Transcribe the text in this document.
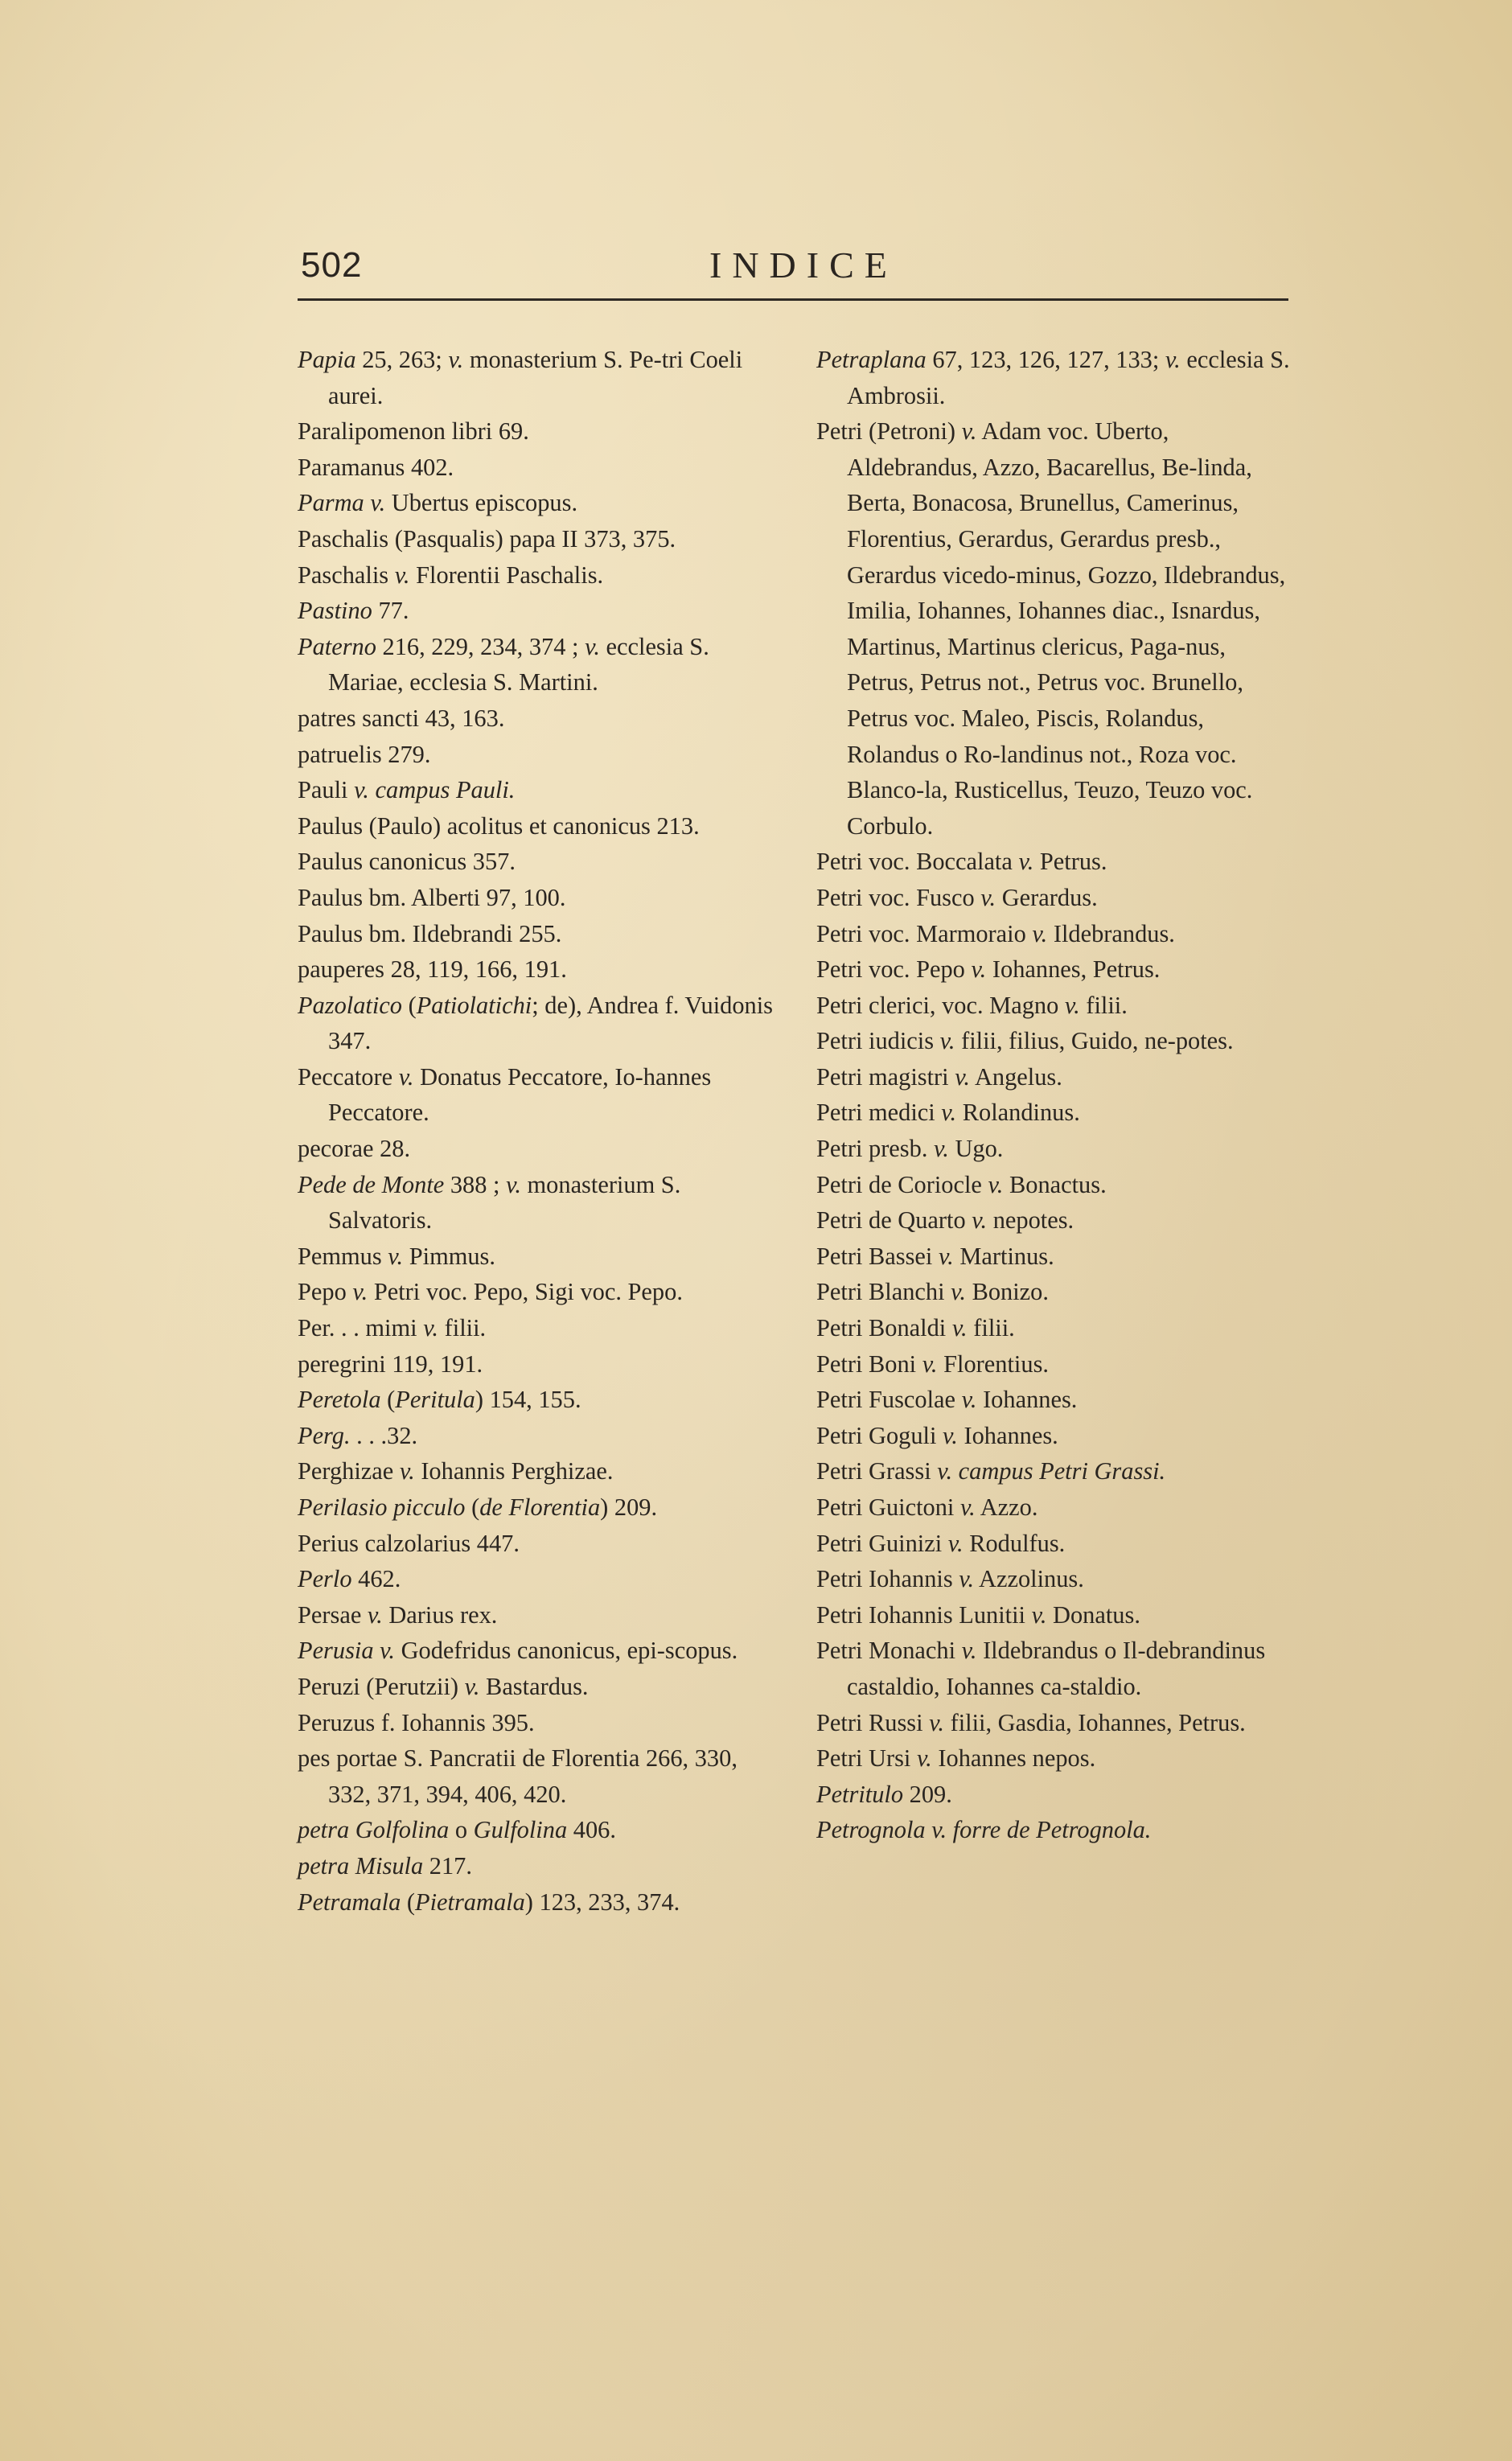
502	INDICE

Papia 25, 263; v. monasterium S. Pe-tri Coeli aurei.

Paralipomenon libri 69.

Paramanus 402.

Parma v. Ubertus episcopus.

Paschalis (Pasqualis) papa II 373, 375.

Paschalis v. Florentii Paschalis.

Pastino 77.

Paterno 216, 229, 234, 374 ; v. ecclesia S. Mariae, ecclesia S. Martini.

patres sancti 43, 163.

patruelis 279.

Pauli v. campus Pauli.

Paulus (Paulo) acolitus et canonicus 213.

Paulus canonicus 357.

Paulus bm. Alberti 97, 100.

Paulus bm. Ildebrandi 255.

pauperes 28, 119, 166, 191.

Pazolatico (Patiolatichi; de), Andrea f. Vuidonis 347.

Peccatore v. Donatus Peccatore, Io-hannes Peccatore.

pecorae 28.

Pede de Monte 388 ; v. monasterium S. Salvatoris.

Pemmus v. Pimmus.

Pepo v. Petri voc. Pepo, Sigi voc. Pepo.

Per. . . mimi v. filii.

peregrini 119, 191.

Peretola (Peritula) 154, 155.

Perg. . . .32.

Perghizae v. Iohannis Perghizae.

Perilasio picculo (de Florentia) 209.

Perius calzolarius 447.

Perlo 462.

Persae v. Darius rex.

Perusia v. Godefridus canonicus, epi-scopus.

Peruzi (Perutzii) v. Bastardus.

Peruzus f. Iohannis 395.

pes portae S. Pancratii de Florentia 266, 330, 332, 371, 394, 406, 420.

petra Golfolina o Gulfolina 406.

petra Misula 217.

Petramala (Pietramala) 123, 233, 374.

Petraplana 67, 123, 126, 127, 133; v. ecclesia S. Ambrosii.

Petri (Petroni) v. Adam voc. Uberto, Aldebrandus, Azzo, Bacarellus, Be-linda, Berta, Bonacosa, Brunellus, Camerinus, Florentius, Gerardus, Gerardus presb., Gerardus vicedo-minus, Gozzo, Ildebrandus, Imilia, Iohannes, Iohannes diac., Isnardus, Martinus, Martinus clericus, Paga-nus, Petrus, Petrus not., Petrus voc. Brunello, Petrus voc. Maleo, Piscis, Rolandus, Rolandus o Ro-landinus not., Roza voc. Blanco-la, Rusticellus, Teuzo, Teuzo voc. Corbulo.

Petri voc. Boccalata v. Petrus.

Petri voc. Fusco v. Gerardus.

Petri voc. Marmoraio v. Ildebrandus.

Petri voc. Pepo v. Iohannes, Petrus.

Petri clerici, voc. Magno v. filii.

Petri iudicis v. filii, filius, Guido, ne-potes.

Petri magistri v. Angelus.

Petri medici v. Rolandinus.

Petri presb. v. Ugo.

Petri de Coriocle v. Bonactus.

Petri de Quarto v. nepotes.

Petri Bassei v. Martinus.

Petri Blanchi v. Bonizo.

Petri Bonaldi v. filii.

Petri Boni v. Florentius.

Petri Fuscolae v. Iohannes.

Petri Goguli v. Iohannes.

Petri Grassi v. campus Petri Grassi.

Petri Guictoni v. Azzo.

Petri Guinizi v. Rodulfus.

Petri Iohannis v. Azzolinus.

Petri Iohannis Lunitii v. Donatus.

Petri Monachi v. Ildebrandus o Il-debrandinus castaldio, Iohannes ca-staldio.

Petri Russi v. filii, Gasdia, Iohannes, Petrus.

Petri Ursi v. Iohannes nepos.

Petritulo 209.

Petrognola v. forre de Petrognola.
